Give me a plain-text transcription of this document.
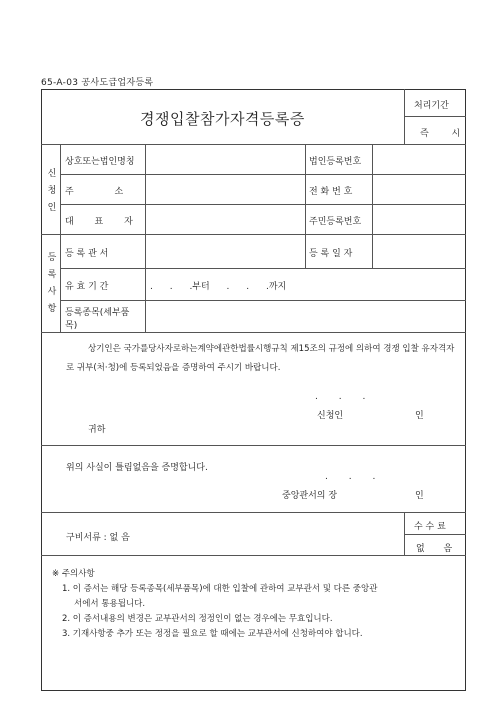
65-A-03 공사도급업자등록
경쟁입찰참가자격등록증
처리기간
즉 시
신
청
인
상호또는법인명칭	법인등록번호
주 소	전 화 번 호
대 표 자	주민등록번호
등
록
사
항
등 록 관 서	등 록 일 자
유 효 기 간	. . .부터 . . .까지
등록종목(세부품
목)
상기인은 국가를당사자로하는계약에관한법률시행규칙 제15조의 규정에 의하여 경쟁 입찰 유자격자로 귀부(처·청)에 등록되었음을 증명하여 주시기 바랍니다.
. . .
신청인	인
귀하
위의 사실이 틀림없음을 증명합니다.
. . .
중앙관서의 장	인
구비서류 : 없 음
수 수 료
없 음
※ 주의사항
1. 이 증서는 해당 등록종목(세부품목)에 대한 입찰에 관하여 교부관서 및 다른 중앙관
서에서 통용됩니다.
2. 이 증서내용의 변경은 교부관서의 정정인이 없는 경우에는 무효입니다.
3. 기재사항중 추가 또는 정정을 필요로 할 때에는 교부관서에 신청하여야 합니다.
